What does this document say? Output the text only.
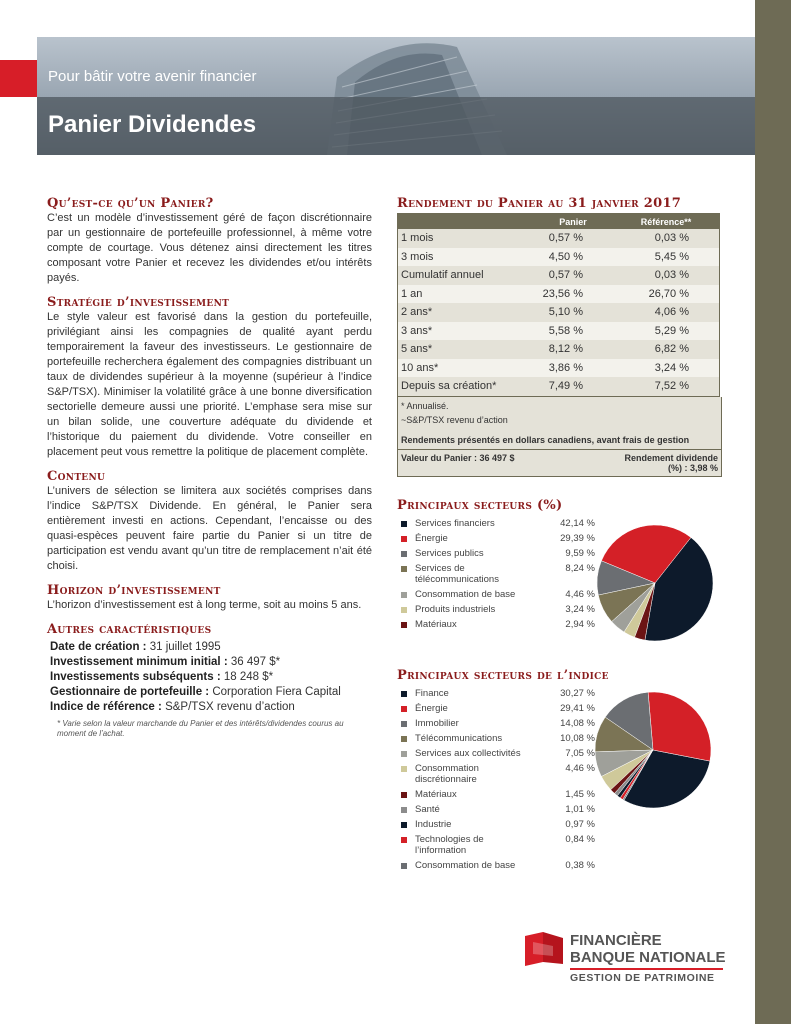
Pour bâtir votre avenir financier
Panier Dividendes
Qu’est-ce qu’un Panier?

C’est un modèle d’investissement géré de façon discrétionnaire par un gestionnaire de portefeuille professionnel, à même votre compte de courtage. Vous détenez ainsi directement les titres composant votre Panier et recevez les dividendes et/ou intérêts payés.

Stratégie d’investissement

Le style valeur est favorisé dans la gestion du portefeuille, privilégiant ainsi les compagnies de qualité ayant perdu temporairement la faveur des investisseurs. Le gestionnaire de portefeuille recherchera également des compagnies distribuant un taux de dividendes supérieur à la moyenne (supérieur à l’indice S&P/TSX). Minimiser la volatilité grâce à une bonne diversification sectorielle demeure aussi une priorité. L’emphase sera mise sur un bilan solide, une couverture adéquate du dividende et l’historique du paiement du dividende. Votre conseiller en placement peut vous remettre la politique de placement complète.

Contenu

L’univers de sélection se limitera aux sociétés comprises dans l’indice S&P/TSX Dividende. En général, le Panier sera entièrement investi en actions. Cependant, l’encaisse ou des quasi-espèces peuvent faire partie du Panier si un titre de participation est vendu avant qu’un titre de remplacement n’ait été choisi.

Horizon d’investissement

L’horizon d’investissement est à long terme, soit au moins 5 ans.

Autres caractéristiques
Date de création : 31 juillet 1995
Investissement minimum initial : 36 497 $*
Investissements subséquents : 18 248 $*
Gestionnaire de portefeuille : Corporation Fiera Capital
Indice de référence : S&P/TSX revenu d’action
* Varie selon la valeur marchande du Panier et des intérêts/dividendes courus au moment de l’achat.
Rendement du Panier au 31 janvier 2017
	Panier	Référence**
1 mois	0,57 %	0,03 %
3 mois	4,50 %	5,45 %
Cumulatif annuel	0,57 %	0,03 %
1 an	23,56 %	26,70 %
2 ans*	5,10 %	4,06 %
3 ans*	5,58 %	5,29 %
5 ans*	8,12 %	6,82 %
10 ans*	3,86 %	3,24 %
Depuis sa création*	7,49 %	7,52 %
* Annualisé.
~S&P/TSX revenu d’action
Rendements présentés en dollars canadiens, avant frais de gestion
Valeur du Panier : 36 497 $	Rendement dividende
(%) : 3,98 %
Principaux secteurs (%)
Services financiers	42,14 %
Énergie	29,39 %
Services publics	9,59 %
Services de télécommunications
8,24 %
Consommation de base	4,46 %
Produits industriels	3,24 %
Matériaux	2,94 %
Principaux secteurs de l’indice
Finance	30,27 %
Énergie	29,41 %
Immobilier	14,08 %
Télécommunications	10,08 %
Services aux collectivités	7,05 %
Consommation discrétionnaire
4,46 %
Matériaux	1,45 %
Santé	1,01 %
Industrie	0,97 %
Technologies de l’information
0,84 %
Consommation de base	0,38 %
FINANCIÈRE
BANQUE NATIONALE
GESTION DE PATRIMOINE
